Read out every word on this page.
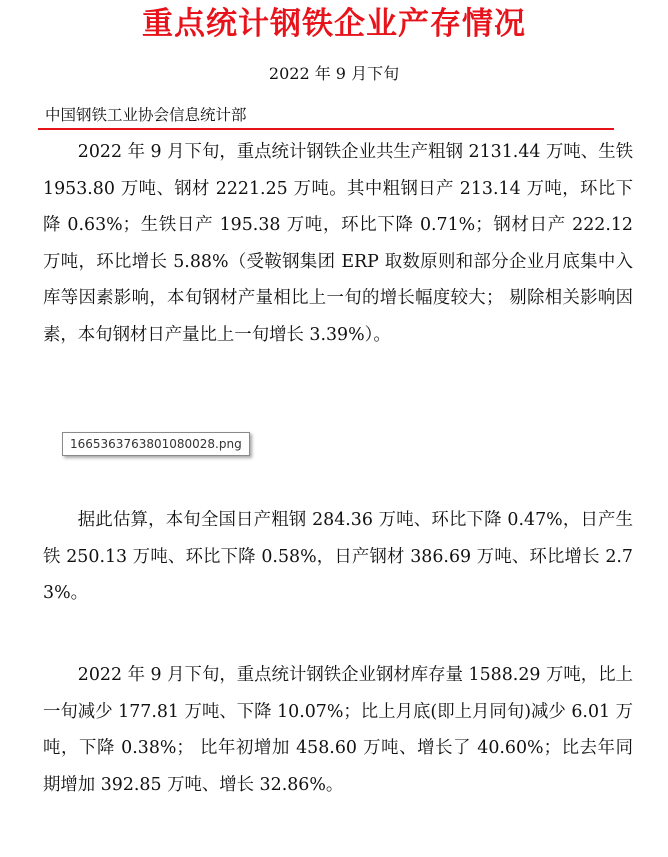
重点统计钢铁企业产存情况
2022 年 9 月下旬
中国钢铁工业协会信息统计部

2022 年 9 月下旬，重点统计钢铁企业共生产粗钢 2131.44 万吨、生铁 1953.80 万吨、钢材 2221.25 万吨。其中粗钢日产 213.14 万吨，环比下降 0.63%；生铁日产 195.38 万吨，环比下降 0.71%；钢材日产 222.12 万吨，环比增长 5.88%（受鞍钢集团 ERP 取数原则和部分企业月底集中入库等因素影响，本旬钢材产量相比上一旬的增长幅度较大； 剔除相关影响因素，本旬钢材日产量比上一旬增长 3.39%）。

据此估算，本旬全国日产粗钢 284.36 万吨、环比下降 0.47%，日产生铁 250.13 万吨、环比下降 0.58%，日产钢材 386.69 万吨、环比增长 2.73%。

2022 年 9 月下旬，重点统计钢铁企业钢材库存量 1588.29 万吨，比上一旬减少 177.81 万吨、下降 10.07%；比上月底(即上月同旬)减少 6.01 万吨，下降 0.38%； 比年初增加 458.60 万吨、增长了 40.60%；比去年同期增加 392.85 万吨、增长 32.86%。

1665363763801080028.png
